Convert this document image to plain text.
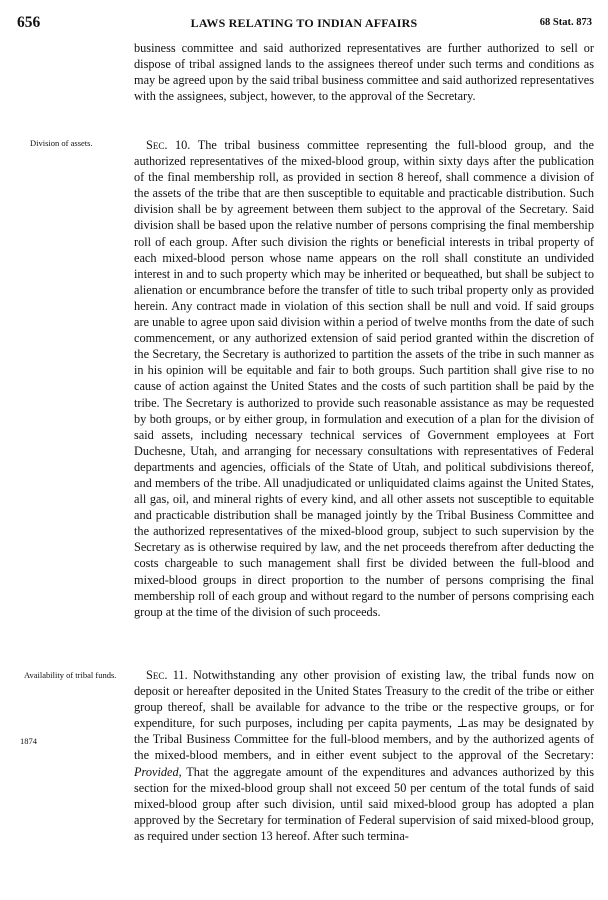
656	LAWS RELATING TO INDIAN AFFAIRS	68 Stat. 873
Division of assets.
Availability of tribal funds.
1874

business committee and said authorized representatives are further authorized to sell or dispose of tribal assigned lands to the assignees thereof under such terms and conditions as may be agreed upon by the said tribal business committee and said authorized representatives with the assignees, subject, however, to the approval of the Secretary.

Sec. 10. The tribal business committee representing the full-blood group, and the authorized representatives of the mixed-blood group, within sixty days after the publication of the final membership roll, as provided in section 8 hereof, shall commence a division of the assets of the tribe that are then susceptible to equitable and practicable distribution. Such division shall be by agreement between them subject to the approval of the Secretary. Said division shall be based upon the relative number of persons comprising the final membership roll of each group. After such division the rights or beneficial interests in tribal property of each mixed-blood person whose name appears on the roll shall constitute an undivided interest in and to such property which may be inherited or bequeathed, but shall be subject to alienation or encumbrance before the transfer of title to such tribal property only as provided herein. Any contract made in violation of this section shall be null and void. If said groups are unable to agree upon said division within a period of twelve months from the date of such commencement, or any authorized extension of said period granted within the discretion of the Secretary, the Secretary is authorized to partition the assets of the tribe in such manner as in his opinion will be equitable and fair to both groups. Such partition shall give rise to no cause of action against the United States and the costs of such partition shall be paid by the tribe. The Secretary is authorized to provide such reasonable assistance as may be requested by both groups, or by either group, in formulation and execution of a plan for the division of said assets, including necessary technical services of Government employees at Fort Duchesne, Utah, and arranging for necessary consultations with representatives of Federal departments and agencies, officials of the State of Utah, and political subdivisions thereof, and members of the tribe. All unadjudicated or unliquidated claims against the United States, all gas, oil, and mineral rights of every kind, and all other assets not susceptible to equitable and practicable distribution shall be managed jointly by the Tribal Business Committee and the authorized representatives of the mixed-blood group, subject to such supervision by the Secretary as is otherwise required by law, and the net proceeds therefrom after deducting the costs chargeable to such management shall first be divided between the full-blood and mixed-blood groups in direct proportion to the number of persons comprising the final membership roll of each group and without regard to the number of persons comprising each group at the time of the division of such proceeds.

Sec. 11. Notwithstanding any other provision of existing law, the tribal funds now on deposit or hereafter deposited in the United States Treasury to the credit of the tribe or either group thereof, shall be available for advance to the tribe or the respective groups, or for expenditure, for such purposes, including per capita payments, ⊥as may be designated by the Tribal Business Committee for the full-blood members, and by the authorized agents of the mixed-blood members, and in either event subject to the approval of the Secretary: Provided, That the aggregate amount of the expenditures and advances authorized by this section for the mixed-blood group shall not exceed 50 per centum of the total funds of said mixed-blood group after such division, until said mixed-blood group has adopted a plan approved by the Secretary for termination of Federal supervision of said mixed-blood group, as required under section 13 hereof. After such termina-
